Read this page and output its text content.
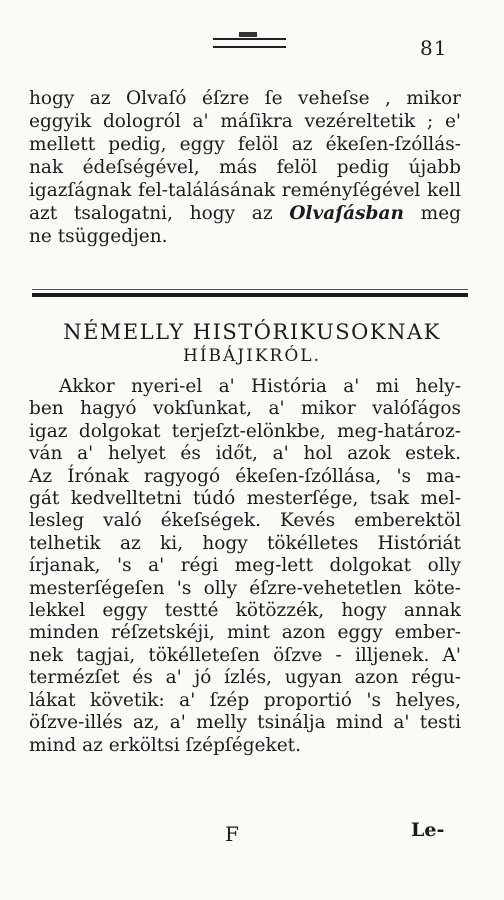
81

hogy az Olvaſó éſzre ſe veheſse , mikor
eggyik dologról a' máſikra vezéreltetik ; e'
mellett pedig, eggy felöl az ékeſen-ſzóllás-
nak édeſségével, más felöl pedig újabb
igazſágnak fel-találásának reményſégével kell
azt tsalogatni, hogy az Olvaſásban meg
ne tsüggedjen.

NÉMELLY HISTÓRIKUSOKNAK
HÍBÁJIKRÓL.

Akkor nyeri-el a' História a' mi hely-
ben hagyó vokſunkat, a' mikor valóſágos
igaz dolgokat terjeſzt-elönkbe, meg-határoz-
ván a' helyet és időt, a' hol azok estek.
Az Írónak ragyogó ékeſen-ſzóllása, 's ma-
gát kedvelltetni túdó mesterſége, tsak mel-
lesleg való ékeſségek. Kevés emberektöl
telhetik az ki, hogy tökélletes Históriát
írjanak, 's a' régi meg-lett dolgokat olly
mesterſégeſen 's olly éſzre-vehetetlen köte-
lekkel eggy testté kötözzék, hogy annak
minden réſzetskéji, mint azon eggy ember-
nek tagjai, tökélleteſen öſzve - illjenek. A'
termézſet és a' jó ízlés, ugyan azon régu-
lákat követik: a' ſzép proportió 's helyes,
öſzve-illés az, a' melly tsinálja mind a' testi
mind az erköltsi ſzépſégeket.

F	Le-
